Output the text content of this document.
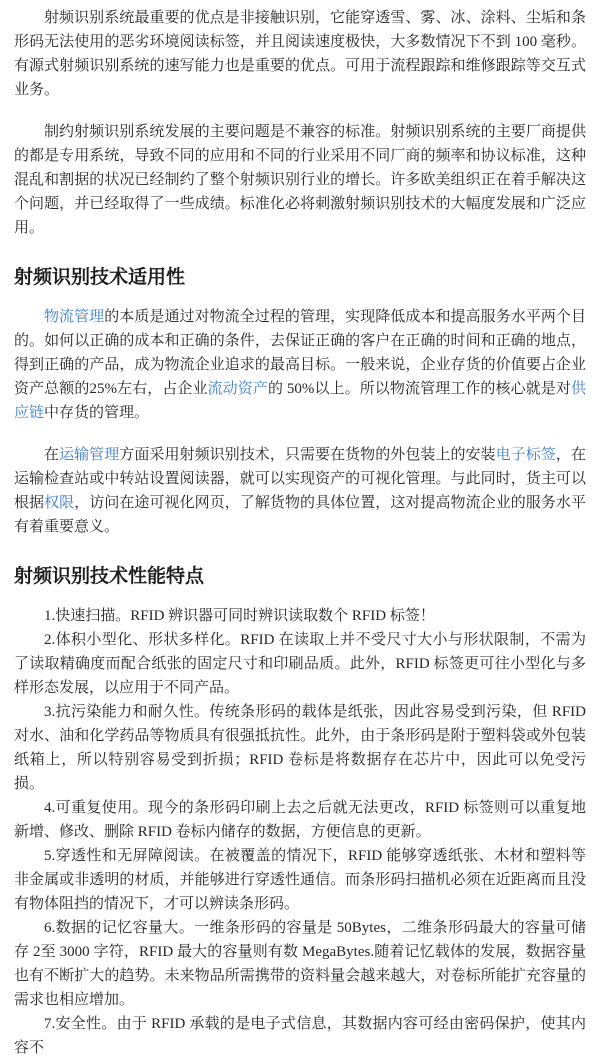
射频识别系统最重要的优点是非接触识别，它能穿透雪、雾、冰、涂料、尘垢和条形码无法使用的恶劣环境阅读标签，并且阅读速度极快，大多数情况下不到 100 毫秒。有源式射频识别系统的速写能力也是重要的优点。可用于流程跟踪和维修跟踪等交互式业务。

制约射频识别系统发展的主要问题是不兼容的标准。射频识别系统的主要厂商提供的都是专用系统，导致不同的应用和不同的行业采用不同厂商的频率和协议标准，这种混乱和割据的状况已经制约了整个射频识别行业的增长。许多欧美组织正在着手解决这个问题，并已经取得了一些成绩。标准化必将刺激射频识别技术的大幅度发展和广泛应用。

射频识别技术适用性

物流管理的本质是通过对物流全过程的管理，实现降低成本和提高服务水平两个目的。如何以正确的成本和正确的条件，去保证正确的客户在正确的时间和正确的地点，得到正确的产品，成为物流企业追求的最高目标。一般来说，企业存货的价值要占企业资产总额的25%左右，占企业流动资产的 50%以上。所以物流管理工作的核心就是对供应链中存货的管理。

在运输管理方面采用射频识别技术，只需要在货物的外包装上的安装电子标签，在运输检查站或中转站设置阅读器，就可以实现资产的可视化管理。与此同时，货主可以根据权限，访问在途可视化网页，了解货物的具体位置，这对提高物流企业的服务水平有着重要意义。

射频识别技术性能特点

1.快速扫描。RFID 辨识器可同时辨识读取数个 RFID 标签！

2.体积小型化、形状多样化。RFID 在读取上并不受尺寸大小与形状限制，不需为了读取精确度而配合纸张的固定尺寸和印刷品质。此外，RFID 标签更可往小型化与多样形态发展，以应用于不同产品。

3.抗污染能力和耐久性。传统条形码的载体是纸张，因此容易受到污染，但 RFID 对水、油和化学药品等物质具有很强抵抗性。此外，由于条形码是附于塑料袋或外包装纸箱上，所以特别容易受到折损；RFID 卷标是将数据存在芯片中，因此可以免受污损。

4.可重复使用。现今的条形码印刷上去之后就无法更改，RFID 标签则可以重复地新增、修改、删除 RFID 卷标内储存的数据，方便信息的更新。

5.穿透性和无屏障阅读。在被覆盖的情况下，RFID 能够穿透纸张、木材和塑料等非金属或非透明的材质，并能够进行穿透性通信。而条形码扫描机必须在近距离而且没有物体阻挡的情况下，才可以辨读条形码。

6.数据的记忆容量大。一维条形码的容量是 50Bytes，二维条形码最大的容量可储存 2至 3000 字符，RFID 最大的容量则有数 MegaBytes.随着记忆载体的发展，数据容量也有不断扩大的趋势。未来物品所需携带的资料量会越来越大，对卷标所能扩充容量的需求也相应增加。

7.安全性。由于 RFID 承载的是电子式信息，其数据内容可经由密码保护，使其内容不
